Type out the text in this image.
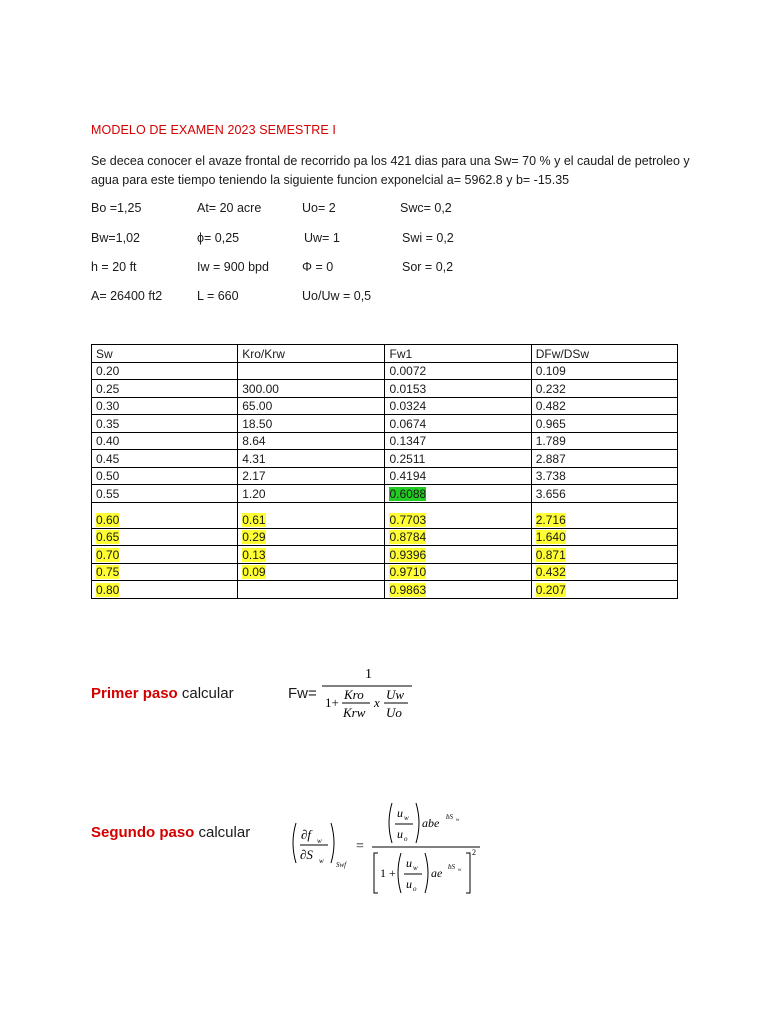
MODELO DE EXAMEN 2023 SEMESTRE I
Se decea conocer el avaze frontal de recorrido pa los 421 dias para una Sw= 70 % y el caudal de petroleo y agua para este tiempo teniendo la siguiente funcion exponelcial a= 5962.8 y b= -15.35
Bo =1,25	At= 20 acre	Uo= 2	Swc= 0,2
Bw=1,02	ϕ= 0,25	Uw= 1	Swi = 0,2
h = 20 ft	Iw = 900 bpd	Φ = 0	Sor = 0,2
A= 26400 ft2	L = 660	Uo/Uw = 0,5
Sw	Kro/Krw	Fw1	DFw/DSw
0.20		0.0072	0.109
0.25	300.00	0.0153	0.232
0.30	65.00	0.0324	0.482
0.35	18.50	0.0674	0.965
0.40	8.64	0.1347	1.789
0.45	4.31	0.2511	2.887
0.50	2.17	0.4194	3.738
0.55	1.20	0.6088	3.656
0.60	0.61	0.7703	2.716
0.65	0.29	0.8784	1.640
0.70	0.13	0.9396	0.871
0.75	0.09	0.9710	0.432
0.80		0.9863	0.207
Primer paso calcular	Fw=
1
1+
Kro
Krw
x
Uw
Uo
Segundo paso calcular	∂f w
∂S w Swf
=
u w
u o
abe bS w
1 +
u w
u o
ae bS w
2
